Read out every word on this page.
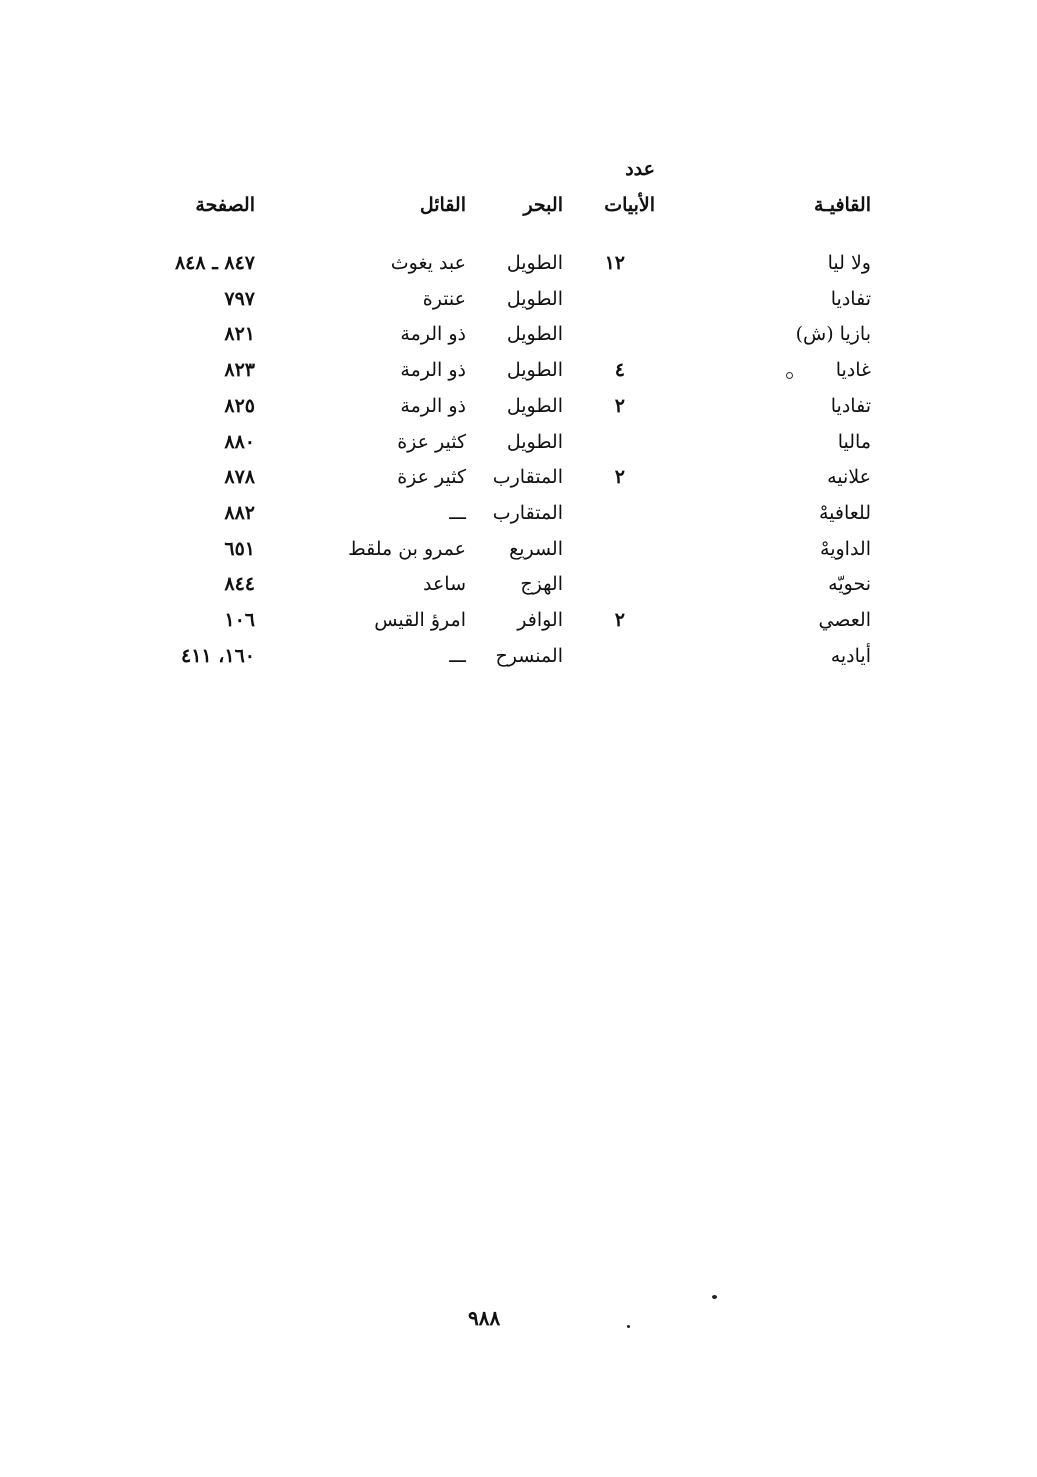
عدد
القافيـة
الأبيات
البحر
القائل
الصفحة
ولا ليا
١٢
الطويل
عبد يغوث
٨٤٧ ـ ٨٤٨
تفاديا
الطويل
عنترة
٧٩٧
بازيا (ش)
الطويل
ذو الرمة
٨٢١
غاديا
٤
الطويل
ذو الرمة
٨٢٣
تفاديا
٢
الطويل
ذو الرمة
٨٢٥
ماليا
الطويل
كثير عزة
٨٨٠
علانيه
٢
المتقارب
كثير عزة
٨٧٨
للعافيهْ
المتقارب
ـــ
٨٨٢
الداويهْ
السريع
عمرو بن ملقط
٦٥١
نحويّه
الهزج
ساعد
٨٤٤
العصي
٢
الوافر
امرؤ القيس
١٠٦
أياديه
المنسرح
ـــ
١٦٠، ٤١١
٩٨٨
